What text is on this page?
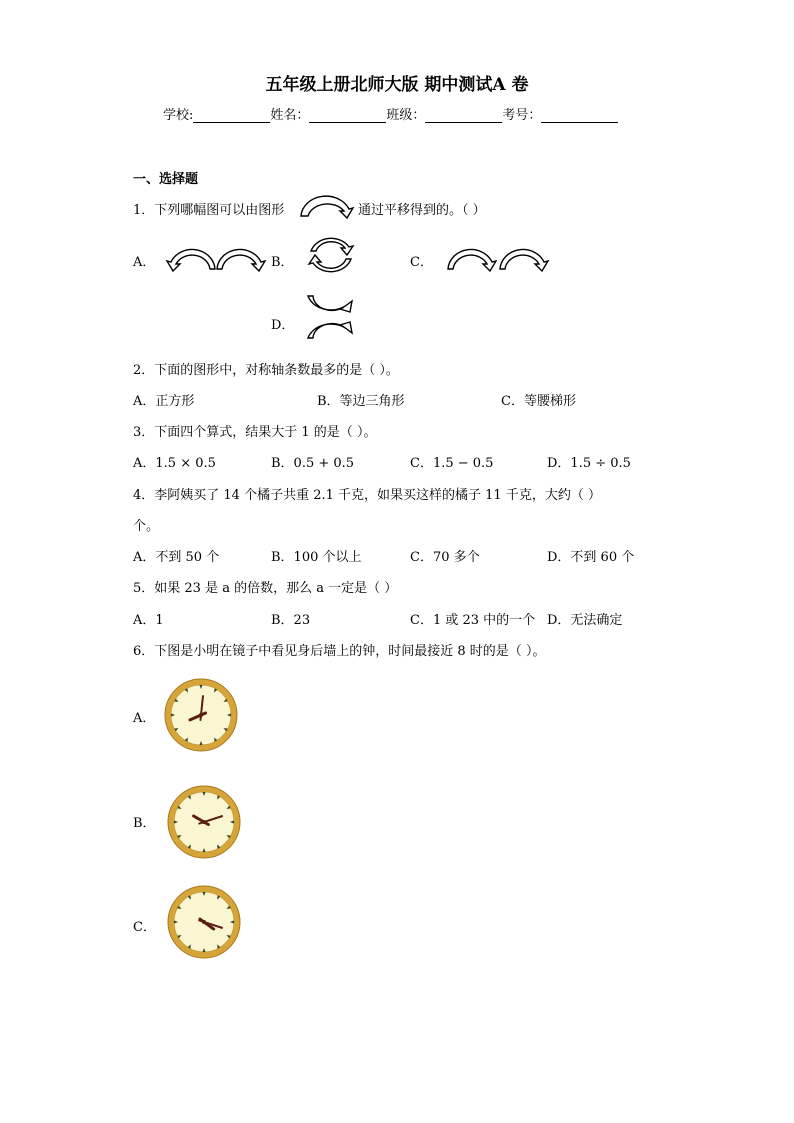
五年级上册北师大版 期中测试A 卷
学校:	姓名：	班级：	考号：
一、选择题
1．下列哪幅图可以由图形	通过平移得到的。（ ）
A．	B．	C．
D．
2．下面的图形中，对称轴条数最多的是（ ）。
A．正方形	B．等边三角形	C．等腰梯形
3．下面四个算式，结果大于 1 的是（ ）。
A．1.5 × 0.5	B．0.5 + 0.5	C．1.5 − 0.5	D．1.5 ÷ 0.5
4．李阿姨买了 14 个橘子共重 2.1 千克，如果买这样的橘子 11 千克，大约（ ）
个。
A．不到 50 个	B．100 个以上	C．70 多个	D．不到 60 个
5．如果 23 是 a 的倍数，那么 a 一定是（ ）
A．1	B．23	C．1 或 23 中的一个 D．无法确定
6．下图是小明在镜子中看见身后墙上的钟，时间最接近 8 时的是（ ）。
A．
B．
C．
